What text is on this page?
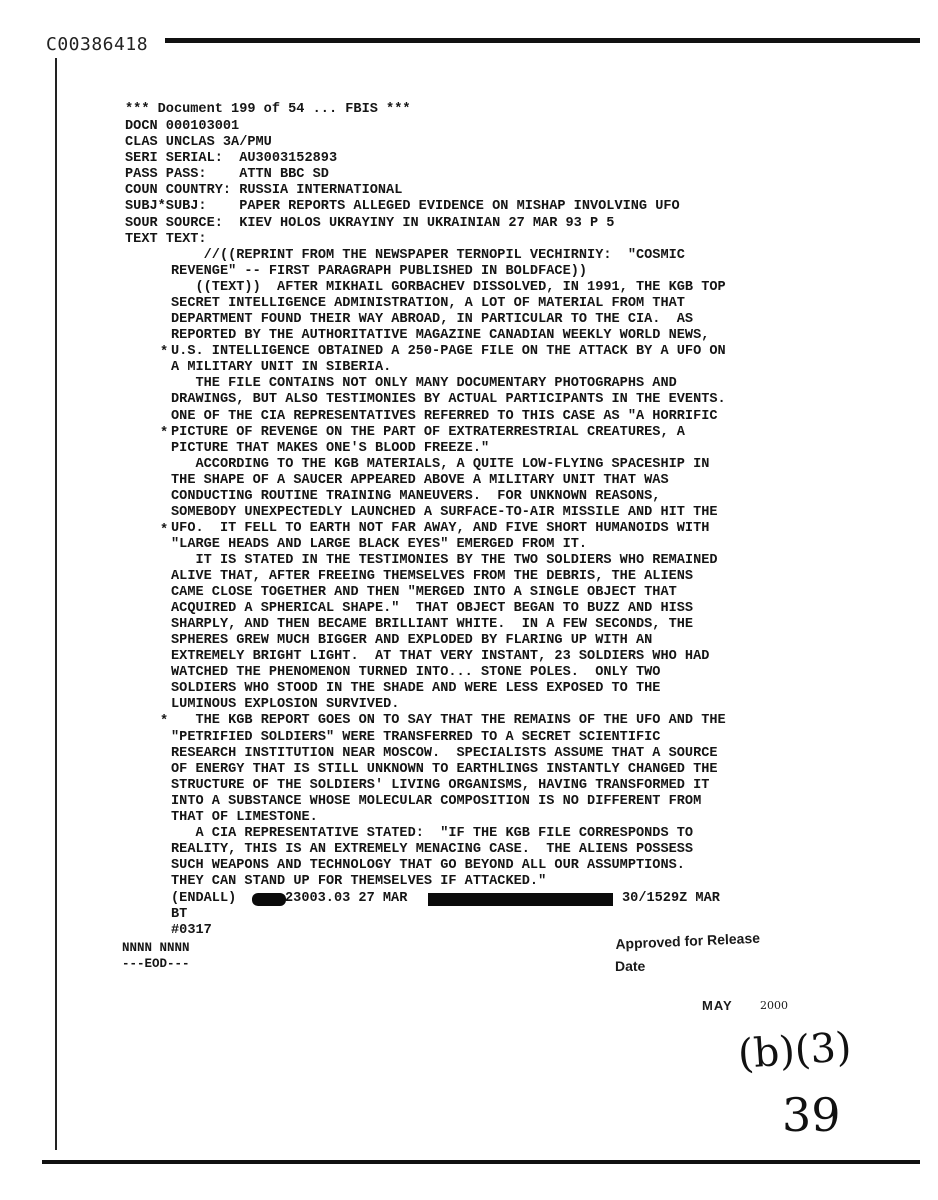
C00386418
*** Document 199 of 54 ... FBIS ***
DOCN 000103001
CLAS UNCLAS 3A/PMU
SERI SERIAL:  AU3003152893
PASS PASS:    ATTN BBC SD
COUN COUNTRY: RUSSIA INTERNATIONAL
SUBJ*SUBJ:    PAPER REPORTS ALLEGED EVIDENCE ON MISHAP INVOLVING UFO
SOUR SOURCE:  KIEV HOLOS UKRAYINY IN UKRAINIAN 27 MAR 93 P 5
TEXT TEXT:
//((REPRINT FROM THE NEWSPAPER TERNOPIL VECHIRNIY:  "COSMIC
REVENGE" -- FIRST PARAGRAPH PUBLISHED IN BOLDFACE))
((TEXT))  AFTER MIKHAIL GORBACHEV DISSOLVED, IN 1991, THE KGB TOP
SECRET INTELLIGENCE ADMINISTRATION, A LOT OF MATERIAL FROM THAT
DEPARTMENT FOUND THEIR WAY ABROAD, IN PARTICULAR TO THE CIA.  AS
REPORTED BY THE AUTHORITATIVE MAGAZINE CANADIAN WEEKLY WORLD NEWS,
U.S. INTELLIGENCE OBTAINED A 250-PAGE FILE ON THE ATTACK BY A UFO ON
A MILITARY UNIT IN SIBERIA.
THE FILE CONTAINS NOT ONLY MANY DOCUMENTARY PHOTOGRAPHS AND
DRAWINGS, BUT ALSO TESTIMONIES BY ACTUAL PARTICIPANTS IN THE EVENTS.
ONE OF THE CIA REPRESENTATIVES REFERRED TO THIS CASE AS "A HORRIFIC
PICTURE OF REVENGE ON THE PART OF EXTRATERRESTRIAL CREATURES, A
PICTURE THAT MAKES ONE'S BLOOD FREEZE."
ACCORDING TO THE KGB MATERIALS, A QUITE LOW-FLYING SPACESHIP IN
THE SHAPE OF A SAUCER APPEARED ABOVE A MILITARY UNIT THAT WAS
CONDUCTING ROUTINE TRAINING MANEUVERS.  FOR UNKNOWN REASONS,
SOMEBODY UNEXPECTEDLY LAUNCHED A SURFACE-TO-AIR MISSILE AND HIT THE
UFO.  IT FELL TO EARTH NOT FAR AWAY, AND FIVE SHORT HUMANOIDS WITH
"LARGE HEADS AND LARGE BLACK EYES" EMERGED FROM IT.
IT IS STATED IN THE TESTIMONIES BY THE TWO SOLDIERS WHO REMAINED
ALIVE THAT, AFTER FREEING THEMSELVES FROM THE DEBRIS, THE ALIENS
CAME CLOSE TOGETHER AND THEN "MERGED INTO A SINGLE OBJECT THAT
ACQUIRED A SPHERICAL SHAPE."  THAT OBJECT BEGAN TO BUZZ AND HISS
SHARPLY, AND THEN BECAME BRILLIANT WHITE.  IN A FEW SECONDS, THE
SPHERES GREW MUCH BIGGER AND EXPLODED BY FLARING UP WITH AN
EXTREMELY BRIGHT LIGHT.  AT THAT VERY INSTANT, 23 SOLDIERS WHO HAD
WATCHED THE PHENOMENON TURNED INTO... STONE POLES.  ONLY TWO
SOLDIERS WHO STOOD IN THE SHADE AND WERE LESS EXPOSED TO THE
LUMINOUS EXPLOSION SURVIVED.
THE KGB REPORT GOES ON TO SAY THAT THE REMAINS OF THE UFO AND THE
"PETRIFIED SOLDIERS" WERE TRANSFERRED TO A SECRET SCIENTIFIC
RESEARCH INSTITUTION NEAR MOSCOW.  SPECIALISTS ASSUME THAT A SOURCE
OF ENERGY THAT IS STILL UNKNOWN TO EARTHLINGS INSTANTLY CHANGED THE
STRUCTURE OF THE SOLDIERS' LIVING ORGANISMS, HAVING TRANSFORMED IT
INTO A SUBSTANCE WHOSE MOLECULAR COMPOSITION IS NO DIFFERENT FROM
THAT OF LIMESTONE.
A CIA REPRESENTATIVE STATED:  "IF THE KGB FILE CORRESPONDS TO
REALITY, THIS IS AN EXTREMELY MENACING CASE.  THE ALIENS POSSESS
SUCH WEAPONS AND TECHNOLOGY THAT GO BEYOND ALL OUR ASSUMPTIONS.
THEY CAN STAND UP FOR THEMSELVES IF ATTACKED."
*
*
*
*
(ENDALL)	23003.03 27 MAR	30/1529Z MAR
BT
#0317
NNNN NNNN
---EOD---
Approved for Release
Date
MAY 2000
(b)(3)
39
